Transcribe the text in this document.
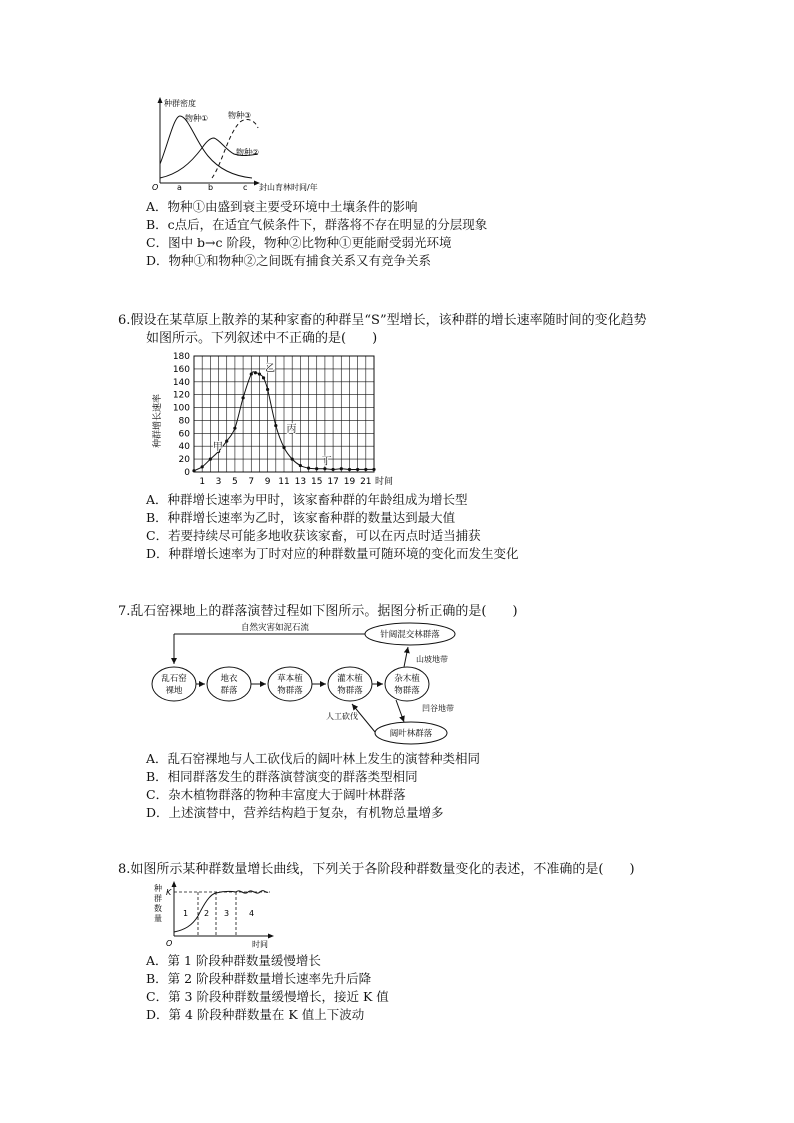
种群密度
O a	b	c 封山育林时间/年
物种① 物种③
物种②
A．物种①由盛到衰主要受环境中土壤条件的影响
B．c点后，在适宜气候条件下，群落将不存在明显的分层现象
C．图中 b→c 阶段，物种②比物种①更能耐受弱光环境
D．物种①和物种②之间既有捕食关系又有竞争关系
6.假设在某草原上散养的某种家畜的种群呈“S”型增长，该种群的增长速率随时间的变化趋势
如图所示。下列叙述中不正确的是(　　)
0
20
40
60
80
100
120
140
160
180
1 3 5 7 9 11 13 15 17 19 21
甲
乙
丙
丁
种群增长速率
时间
A．种群增长速率为甲时，该家畜种群的年龄组成为增长型
B．种群增长速率为乙时，该家畜种群的数量达到最大值
C．若要持续尽可能多地收获该家畜，可以在丙点时适当捕获
D．种群增长速率为丁时对应的种群数量可随环境的变化而发生变化
7.乱石窑裸地上的群落演替过程如下图所示。据图分析正确的是(　　)
自然灾害如泥石流
针阔混交林群落
乱石窑
裸地
地衣
群落
草本植
物群落
灌木植
物群落
杂木植
物群落
山坡地带
凹谷地带
阔叶林群落
人工砍伐
A．乱石窑裸地与人工砍伐后的阔叶林上发生的演替种类相同
B．相同群落发生的群落演替演变的群落类型相同
C．杂木植物群落的物种丰富度大于阔叶林群落
D．上述演替中，营养结构趋于复杂，有机物总量增多
8.如图所示某种群数量增长曲线，下列关于各阶段种群数量变化的表述，不准确的是(　　)
种
群
数
量
K
1 2 3 4
O	时间
A．第 1 阶段种群数量缓慢增长
B．第 2 阶段种群数量增长速率先升后降
C．第 3 阶段种群数量缓慢增长，接近 K 值
D．第 4 阶段种群数量在 K 值上下波动
